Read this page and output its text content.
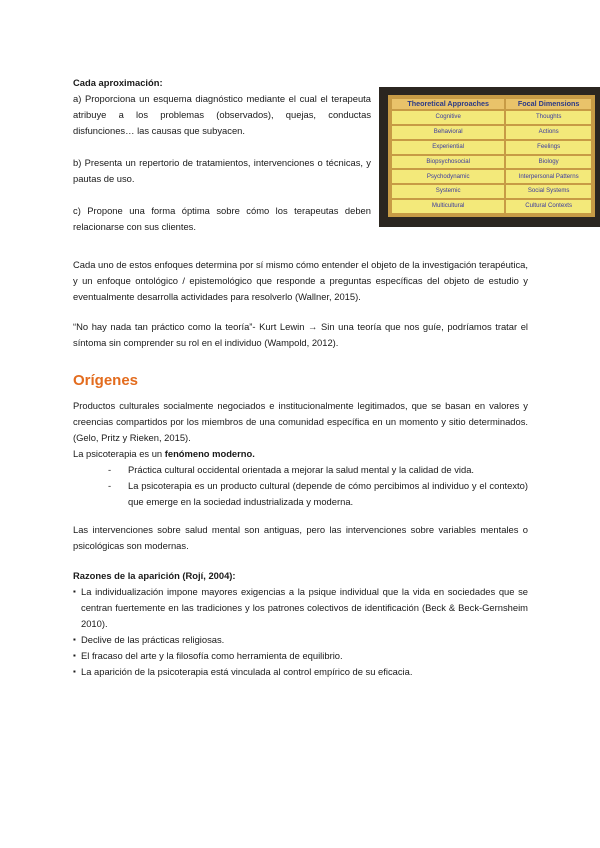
Cada aproximación:

a) Proporciona un esquema diagnóstico mediante el cual el terapeuta atribuye a los problemas (observados), quejas, conductas disfunciones… las causas que subyacen.

b) Presenta un repertorio de tratamientos, intervenciones o técnicas, y pautas de uso.

c) Propone una forma óptima sobre cómo los terapeutas deben relacionarse con sus clientes.

Theoretical Approaches	Focal Dimensions
Cognitive	Thoughts
Behavioral	Actions
Experiential	Feelings
Biopsychosocial	Biology
Psychodynamic	Interpersonal Patterns
Systemic	Social Systems
Multicultural	Cultural Contexts

Cada uno de estos enfoques determina por sí mismo cómo entender el objeto de la investigación terapéutica, y un enfoque ontológico / epistemológico que responde a preguntas específicas del objeto de estudio y eventualmente desarrolla actividades para resolverlo (Wallner, 2015).

“No hay nada tan práctico como la teoría”- Kurt Lewin → Sin una teoría que nos guíe, podríamos tratar el síntoma sin comprender su rol en el individuo (Wampold, 2012).

Orígenes

Productos culturales socialmente negociados e institucionalmente legitimados, que se basan en valores y creencias compartidos por los miembros de una comunidad específica en un momento y sitio determinados. (Gelo, Pritz y Rieken, 2015).

La psicoterapia es un fenómeno moderno.

- Práctica cultural occidental orientada a mejorar la salud mental y la calidad de vida.
- La psicoterapia es un producto cultural (depende de cómo percibimos al individuo y el contexto) que emerge en la sociedad industrializada y moderna.

Las intervenciones sobre salud mental son antiguas, pero las intervenciones sobre variables mentales o psicológicas son modernas.

Razones de la aparición (Rojí, 2004):

▪ La individualización impone mayores exigencias a la psique individual que la vida en sociedades que se centran fuertemente en las tradiciones y los patrones colectivos de identificación (Beck & Beck-Gernsheim 2010).
▪ Declive de las prácticas religiosas.
▪ El fracaso del arte y la filosofía como herramienta de equilibrio.
▪ La aparición de la psicoterapia está vinculada al control empírico de su eficacia.
